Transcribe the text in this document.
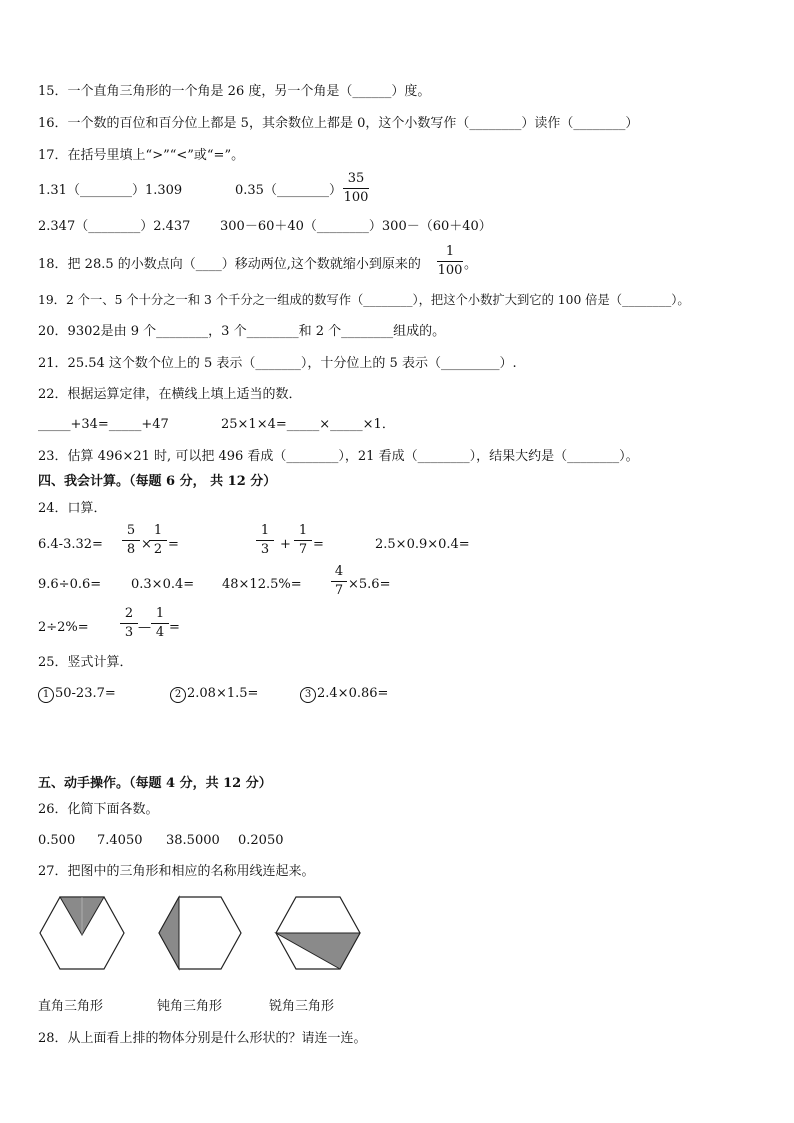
15．一个直角三角形的一个角是 26 度，另一个角是（______）度。
16．一个数的百位和百分位上都是 5，其余数位上都是 0，这个小数写作（________）读作（________）
17．在括号里填上“>”“<”或“=”。
1.31（________）1.309	0.35（________）
35
100
2.347（________）2.437 300－60＋40（________）300－（60＋40）
18．把 28.5 的小数点向（____）移动两位,这个数就缩小到原来的
1
100 。
19．2 个一、5 个十分之一和 3 个千分之一组成的数写作（________），把这个小数扩大到它的 100 倍是（________）。
20．9302是由 9 个________，3 个________和 2 个________组成的。
21．25.54 这个数个位上的 5 表示（_______），十分位上的 5 表示（_________）.
22．根据运算定律，在横线上填上适当的数．
_____+34=_____+47	25×1×4=_____×_____×1．
23．估算 496×21 时, 可以把 496 看成（________），21 看成（________），结果大约是（________）。
四、我会计算。（每题 6 分， 共 12 分）
24．口算．
6.4-3.32=
5
8 ×
1
2 =
1
3 +
1
7 =	2.5×0.9×0.4=
9.6÷0.6= 0.3×0.4= 48×12.5%=
4
7 ×5.6=
2÷2%=
2
3 —
1
4 =
25．竖式计算．
1 50-23.7=	2 2.08×1.5=	3 2.4×0.86=
五、动手操作。（每题 4 分，共 12 分）
26．化简下面各数。
0.500 7.4050 38.5000 0.2050
27．把图中的三角形和相应的名称用线连起来。
直角三角形	钝角三角形	锐角三角形
28．从上面看上排的物体分别是什么形状的？请连一连。
